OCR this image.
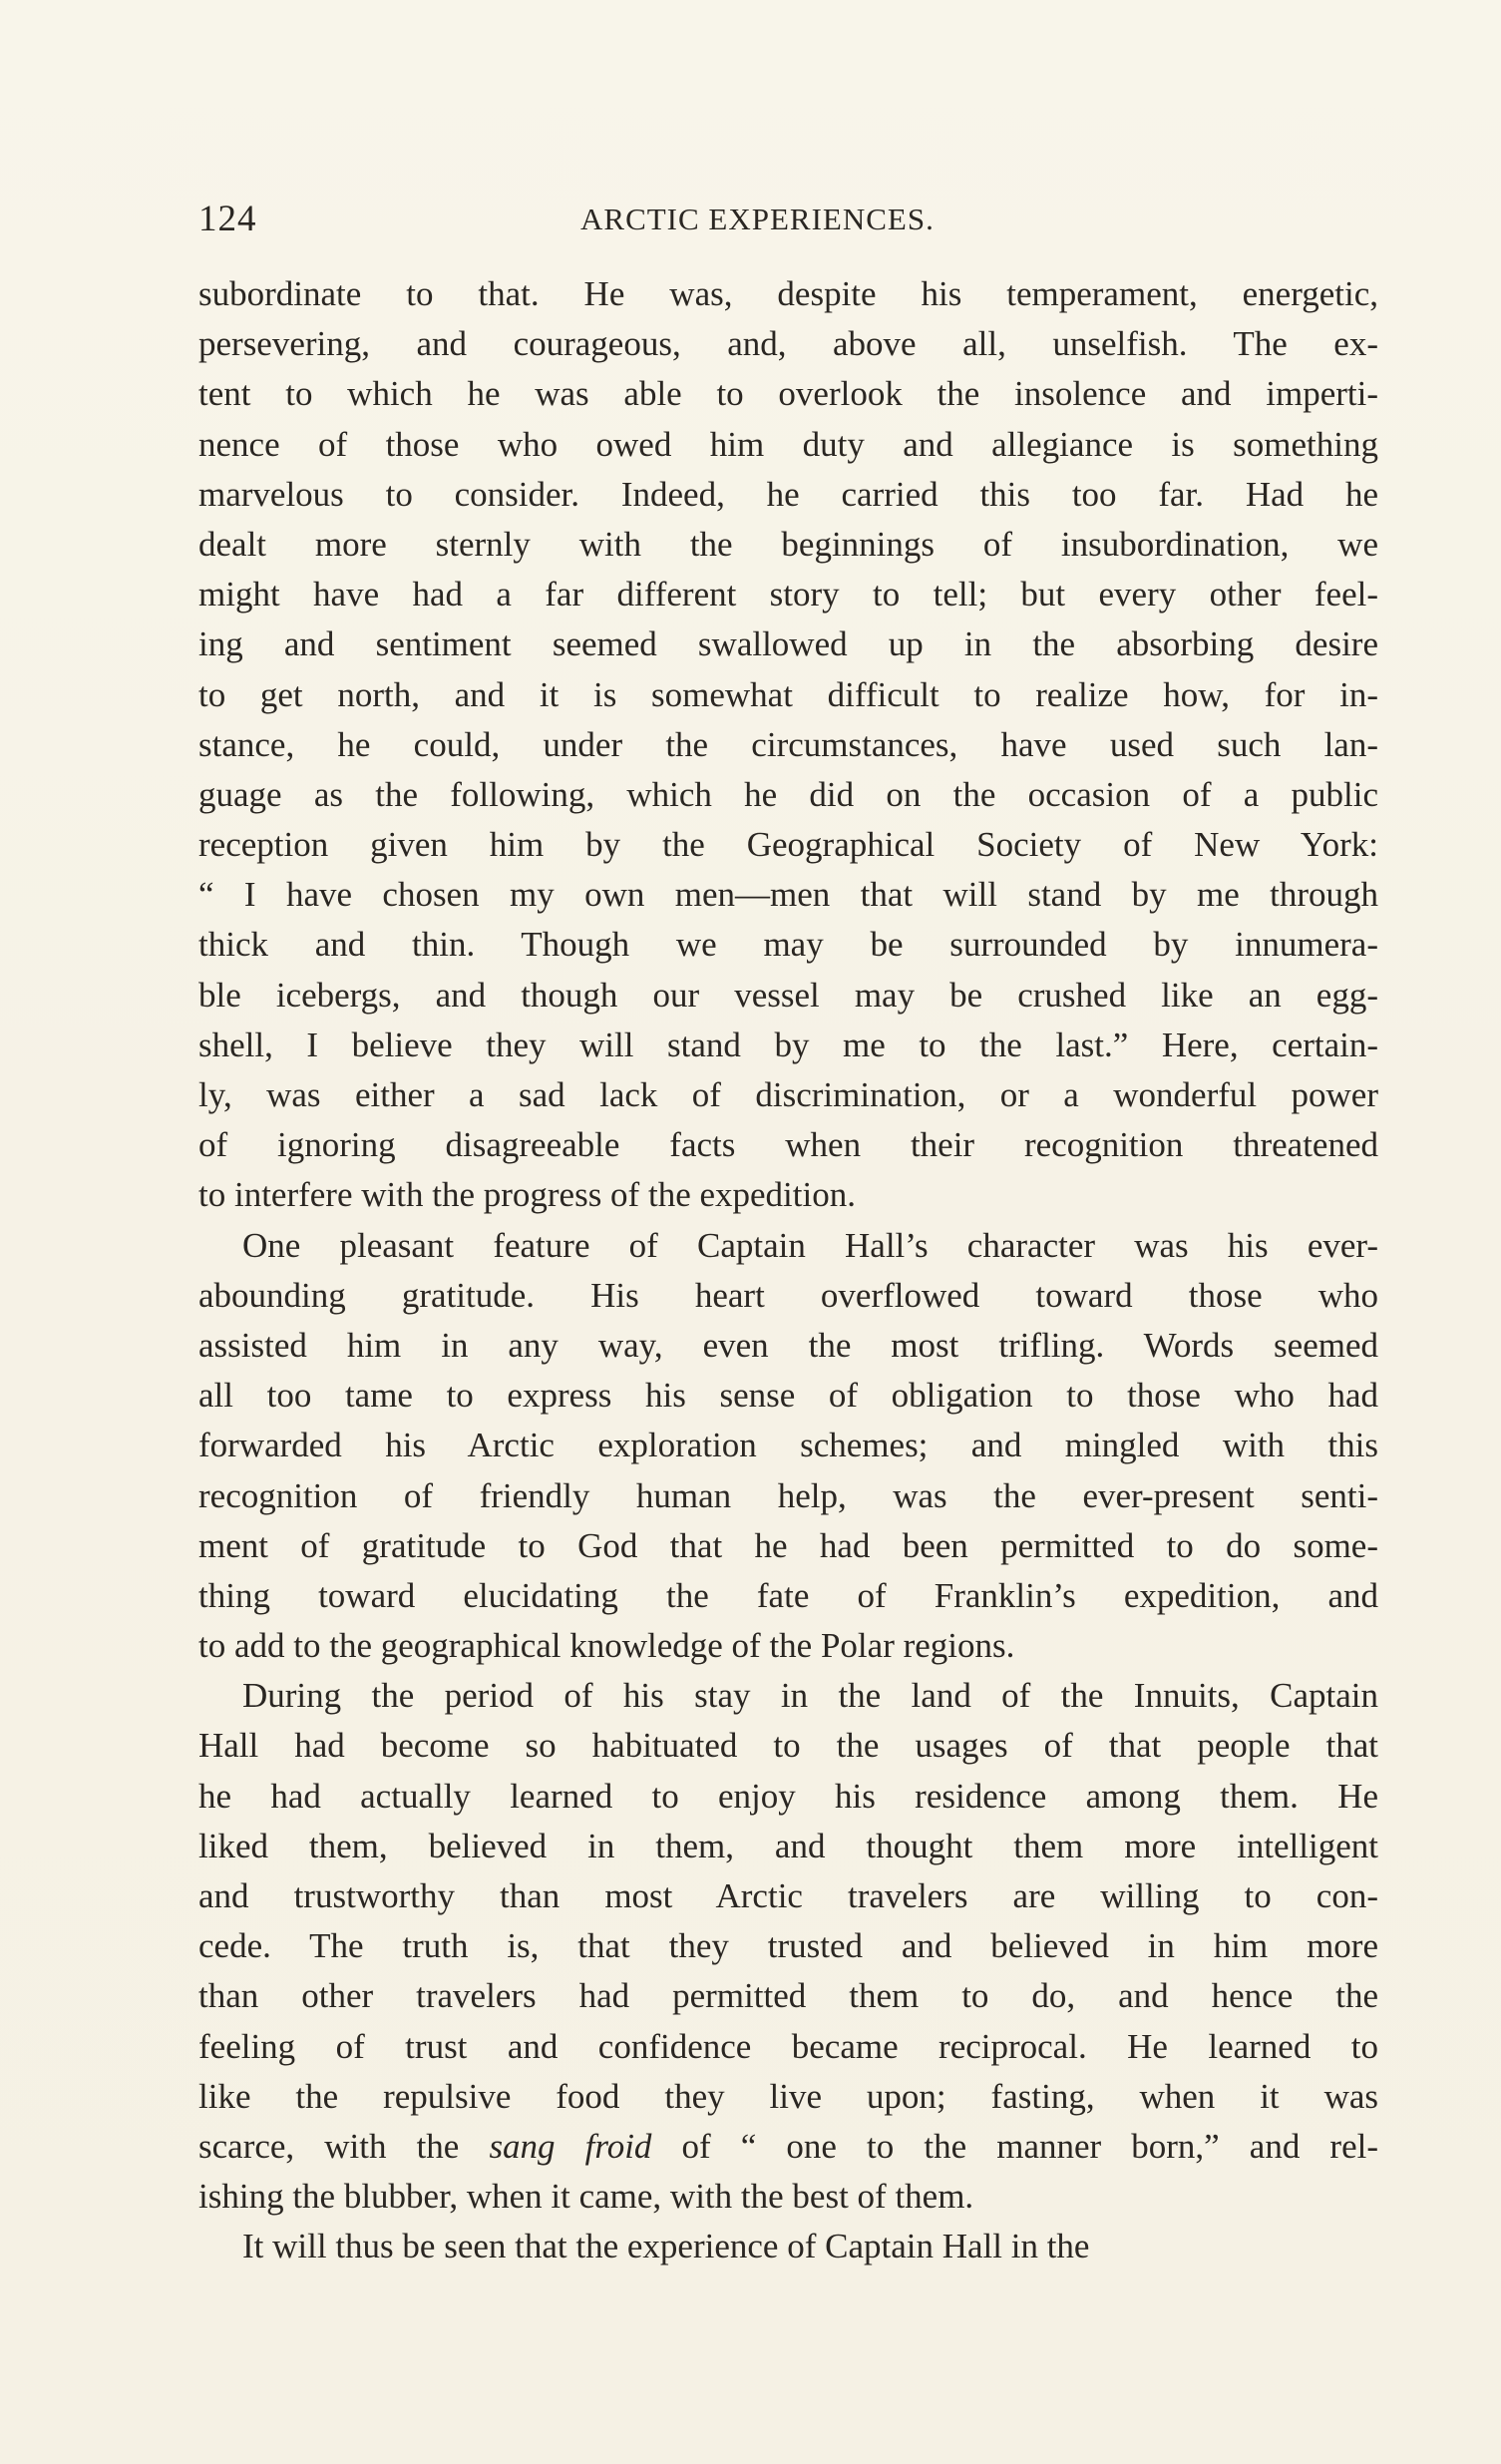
124	ARCTIC EXPERIENCES.
subordinate to that. He was, despite his temperament, energetic,
persevering, and courageous, and, above all, unselfish. The ex-
tent to which he was able to overlook the insolence and imperti-
nence of those who owed him duty and allegiance is something
marvelous to consider. Indeed, he carried this too far. Had he
dealt more sternly with the beginnings of insubordination, we
might have had a far different story to tell; but every other feel-
ing and sentiment seemed swallowed up in the absorbing desire
to get north, and it is somewhat difficult to realize how, for in-
stance, he could, under the circumstances, have used such lan-
guage as the following, which he did on the occasion of a public
reception given him by the Geographical Society of New York:
“ I have chosen my own men—men that will stand by me through
thick and thin. Though we may be surrounded by innumera-
ble icebergs, and though our vessel may be crushed like an egg-
shell, I believe they will stand by me to the last.” Here, certain-
ly, was either a sad lack of discrimination, or a wonderful power
of ignoring disagreeable facts when their recognition threatened
to interfere with the progress of the expedition.
One pleasant feature of Captain Hall’s character was his ever-
abounding gratitude. His heart overflowed toward those who
assisted him in any way, even the most trifling. Words seemed
all too tame to express his sense of obligation to those who had
forwarded his Arctic exploration schemes; and mingled with this
recognition of friendly human help, was the ever-present senti-
ment of gratitude to God that he had been permitted to do some-
thing toward elucidating the fate of Franklin’s expedition, and
to add to the geographical knowledge of the Polar regions.
During the period of his stay in the land of the Innuits, Captain
Hall had become so habituated to the usages of that people that
he had actually learned to enjoy his residence among them. He
liked them, believed in them, and thought them more intelligent
and trustworthy than most Arctic travelers are willing to con-
cede. The truth is, that they trusted and believed in him more
than other travelers had permitted them to do, and hence the
feeling of trust and confidence became reciprocal. He learned to
like the repulsive food they live upon; fasting, when it was
scarce, with the sang froid of “ one to the manner born,” and rel-
ishing the blubber, when it came, with the best of them.
It will thus be seen that the experience of Captain Hall in the
